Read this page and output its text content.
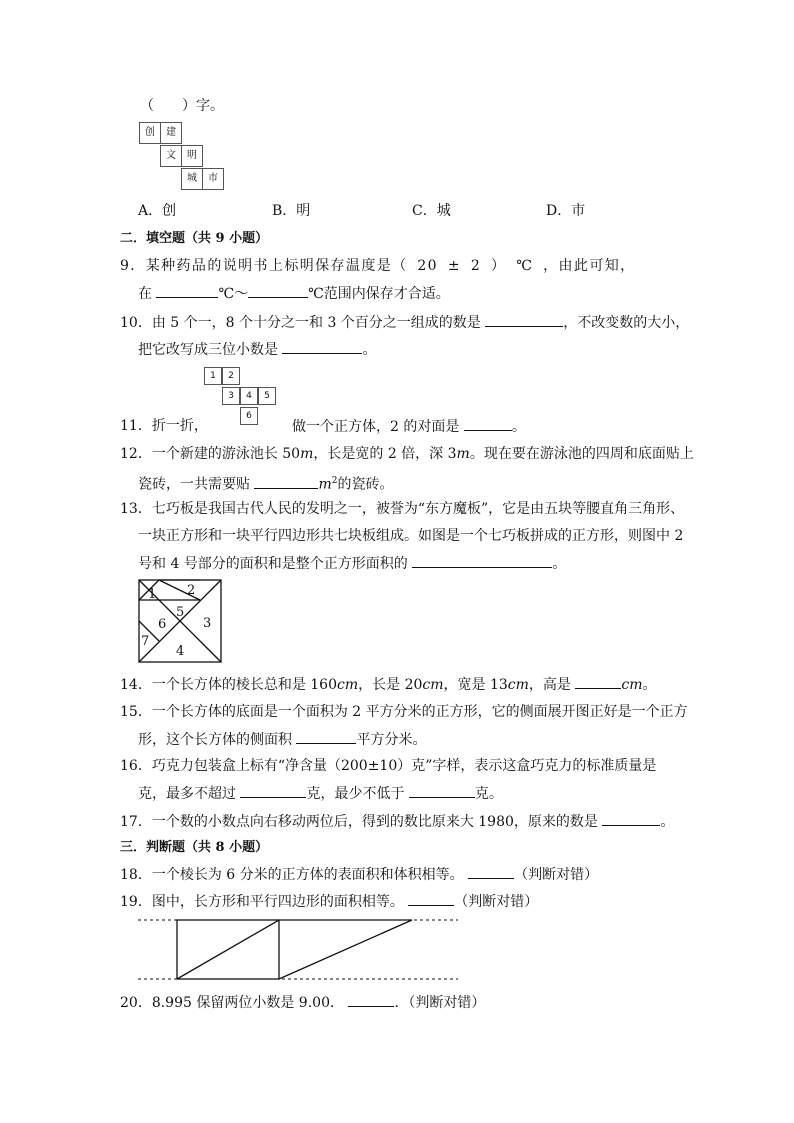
（　　）字。
创	建
文	明
城	市
A．创	B．明	C．城	D．市
二．填空题（共 9 小题）
9．某种药品的说明书上标明保存温度是（ 20 ± 2 ） ℃ ，由此可知，
在	℃～	℃范围内保存才合适。
10．由 5 个一，8 个十分之一和 3 个百分之一组成的数是	，不改变数的大小，
把它改写成三位小数是	。
1	2
3	4	5
6
11．折一折，	做一个正方体，2 的对面是	。
12．一个新建的游泳池长 50m，长是宽的 2 倍，深 3m。现在要在游泳池的四周和底面贴上
瓷砖，一共需要贴	$m^2$的瓷砖。
13．七巧板是我国古代人民的发明之一，被誉为“东方魔板”，它是由五块等腰直角三角形、
一块正方形和一块平行四边形共七块板组成。如图是一个七巧板拼成的正方形，则图中 2
号和 4 号部分的面积和是整个正方形面积的	。
1 2
5
6	3
7
4
14．一个长方体的棱长总和是 160cm，长是 20cm，宽是 13cm，高是	cm。
15．一个长方体的底面是一个面积为 2 平方分米的正方形，它的侧面展开图正好是一个正方
形，这个长方体的侧面积	平方分米。
16．巧克力包装盒上标有“净含量（200±10）克”字样，表示这盒巧克力的标准质量是
克，最多不超过	克，最少不低于	克。
17．一个数的小数点向右移动两位后，得到的数比原来大 1980，原来的数是	。
三．判断题（共 8 小题）
18．一个棱长为 6 分米的正方体的表面积和体积相等。	（判断对错）
19．图中，长方形和平行四边形的面积相等。	（判断对错）
20．8.995 保留两位小数是 9.00．	．（判断对错）
